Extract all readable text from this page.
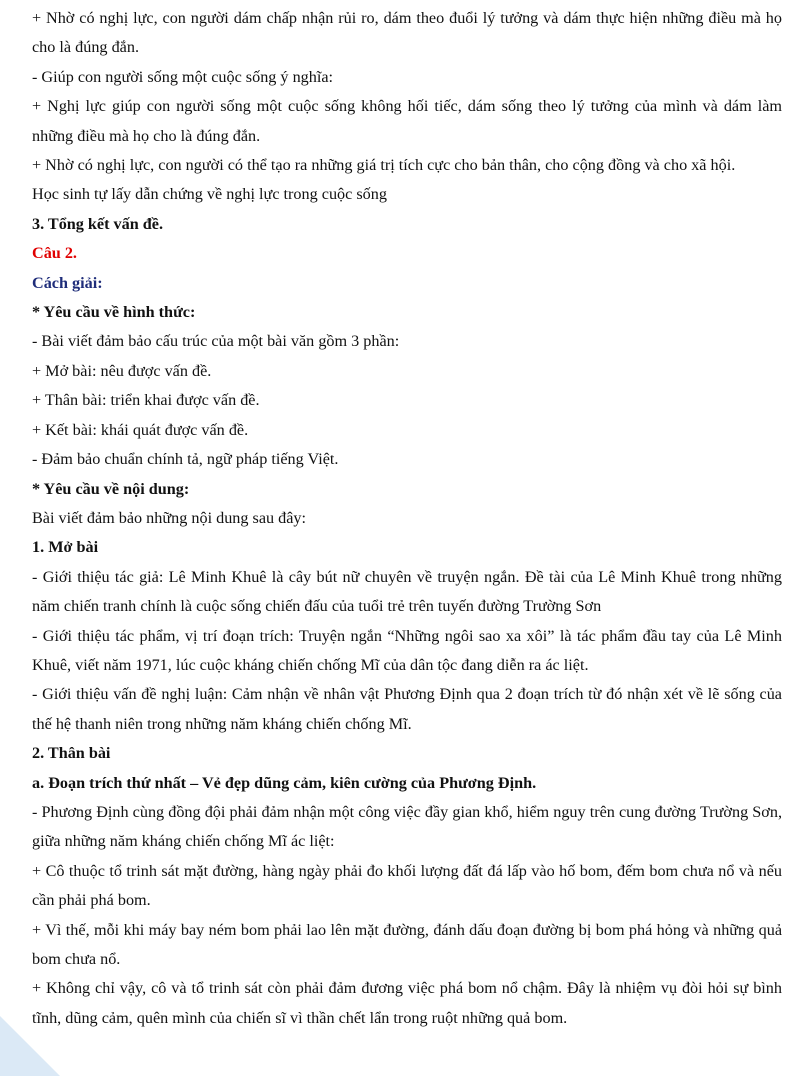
+ Nhờ có nghị lực, con người dám chấp nhận rủi ro, dám theo đuổi lý tưởng và dám thực hiện những điều mà họ cho là đúng đắn.

- Giúp con người sống một cuộc sống ý nghĩa:

+ Nghị lực giúp con người sống một cuộc sống không hối tiếc, dám sống theo lý tưởng của mình và dám làm những điều mà họ cho là đúng đắn.

+ Nhờ có nghị lực, con người có thể tạo ra những giá trị tích cực cho bản thân, cho cộng đồng và cho xã hội.

Học sinh tự lấy dẫn chứng về nghị lực trong cuộc sống

3. Tổng kết vấn đề.

Câu 2.

Cách giải:

* Yêu cầu về hình thức:

- Bài viết đảm bảo cấu trúc của một bài văn gồm 3 phần:

+ Mở bài: nêu được vấn đề.

+ Thân bài: triển khai được vấn đề.

+ Kết bài: khái quát được vấn đề.

- Đảm bảo chuẩn chính tả, ngữ pháp tiếng Việt.

* Yêu cầu về nội dung:

Bài viết đảm bảo những nội dung sau đây:

1. Mở bài

- Giới thiệu tác giả: Lê Minh Khuê là cây bút nữ chuyên về truyện ngắn. Đề tài của Lê Minh Khuê trong những năm chiến tranh chính là cuộc sống chiến đấu của tuổi trẻ trên tuyến đường Trường Sơn

- Giới thiệu tác phẩm, vị trí đoạn trích: Truyện ngắn “Những ngôi sao xa xôi” là tác phẩm đầu tay của Lê Minh Khuê, viết năm 1971, lúc cuộc kháng chiến chống Mĩ của dân tộc đang diễn ra ác liệt.

- Giới thiệu vấn đề nghị luận: Cảm nhận về nhân vật Phương Định qua 2 đoạn trích từ đó nhận xét về lẽ sống của thế hệ thanh niên trong những năm kháng chiến chống Mĩ.

2. Thân bài

a. Đoạn trích thứ nhất – Vẻ đẹp dũng cảm, kiên cường của Phương Định.

- Phương Định cùng đồng đội phải đảm nhận một công việc đầy gian khổ, hiểm nguy trên cung đường Trường Sơn, giữa những năm kháng chiến chống Mĩ ác liệt:

+ Cô thuộc tổ trinh sát mặt đường, hàng ngày phải đo khối lượng đất đá lấp vào hố bom, đếm bom chưa nổ và nếu cần phải phá bom.

+ Vì thế, mỗi khi máy bay ném bom phải lao lên mặt đường, đánh dấu đoạn đường bị bom phá hỏng và những quả bom chưa nổ.

+ Không chỉ vậy, cô và tổ trinh sát còn phải đảm đương việc phá bom nổ chậm. Đây là nhiệm vụ đòi hỏi sự bình tĩnh, dũng cảm, quên mình của chiến sĩ vì thần chết lẩn trong ruột những quả bom.
